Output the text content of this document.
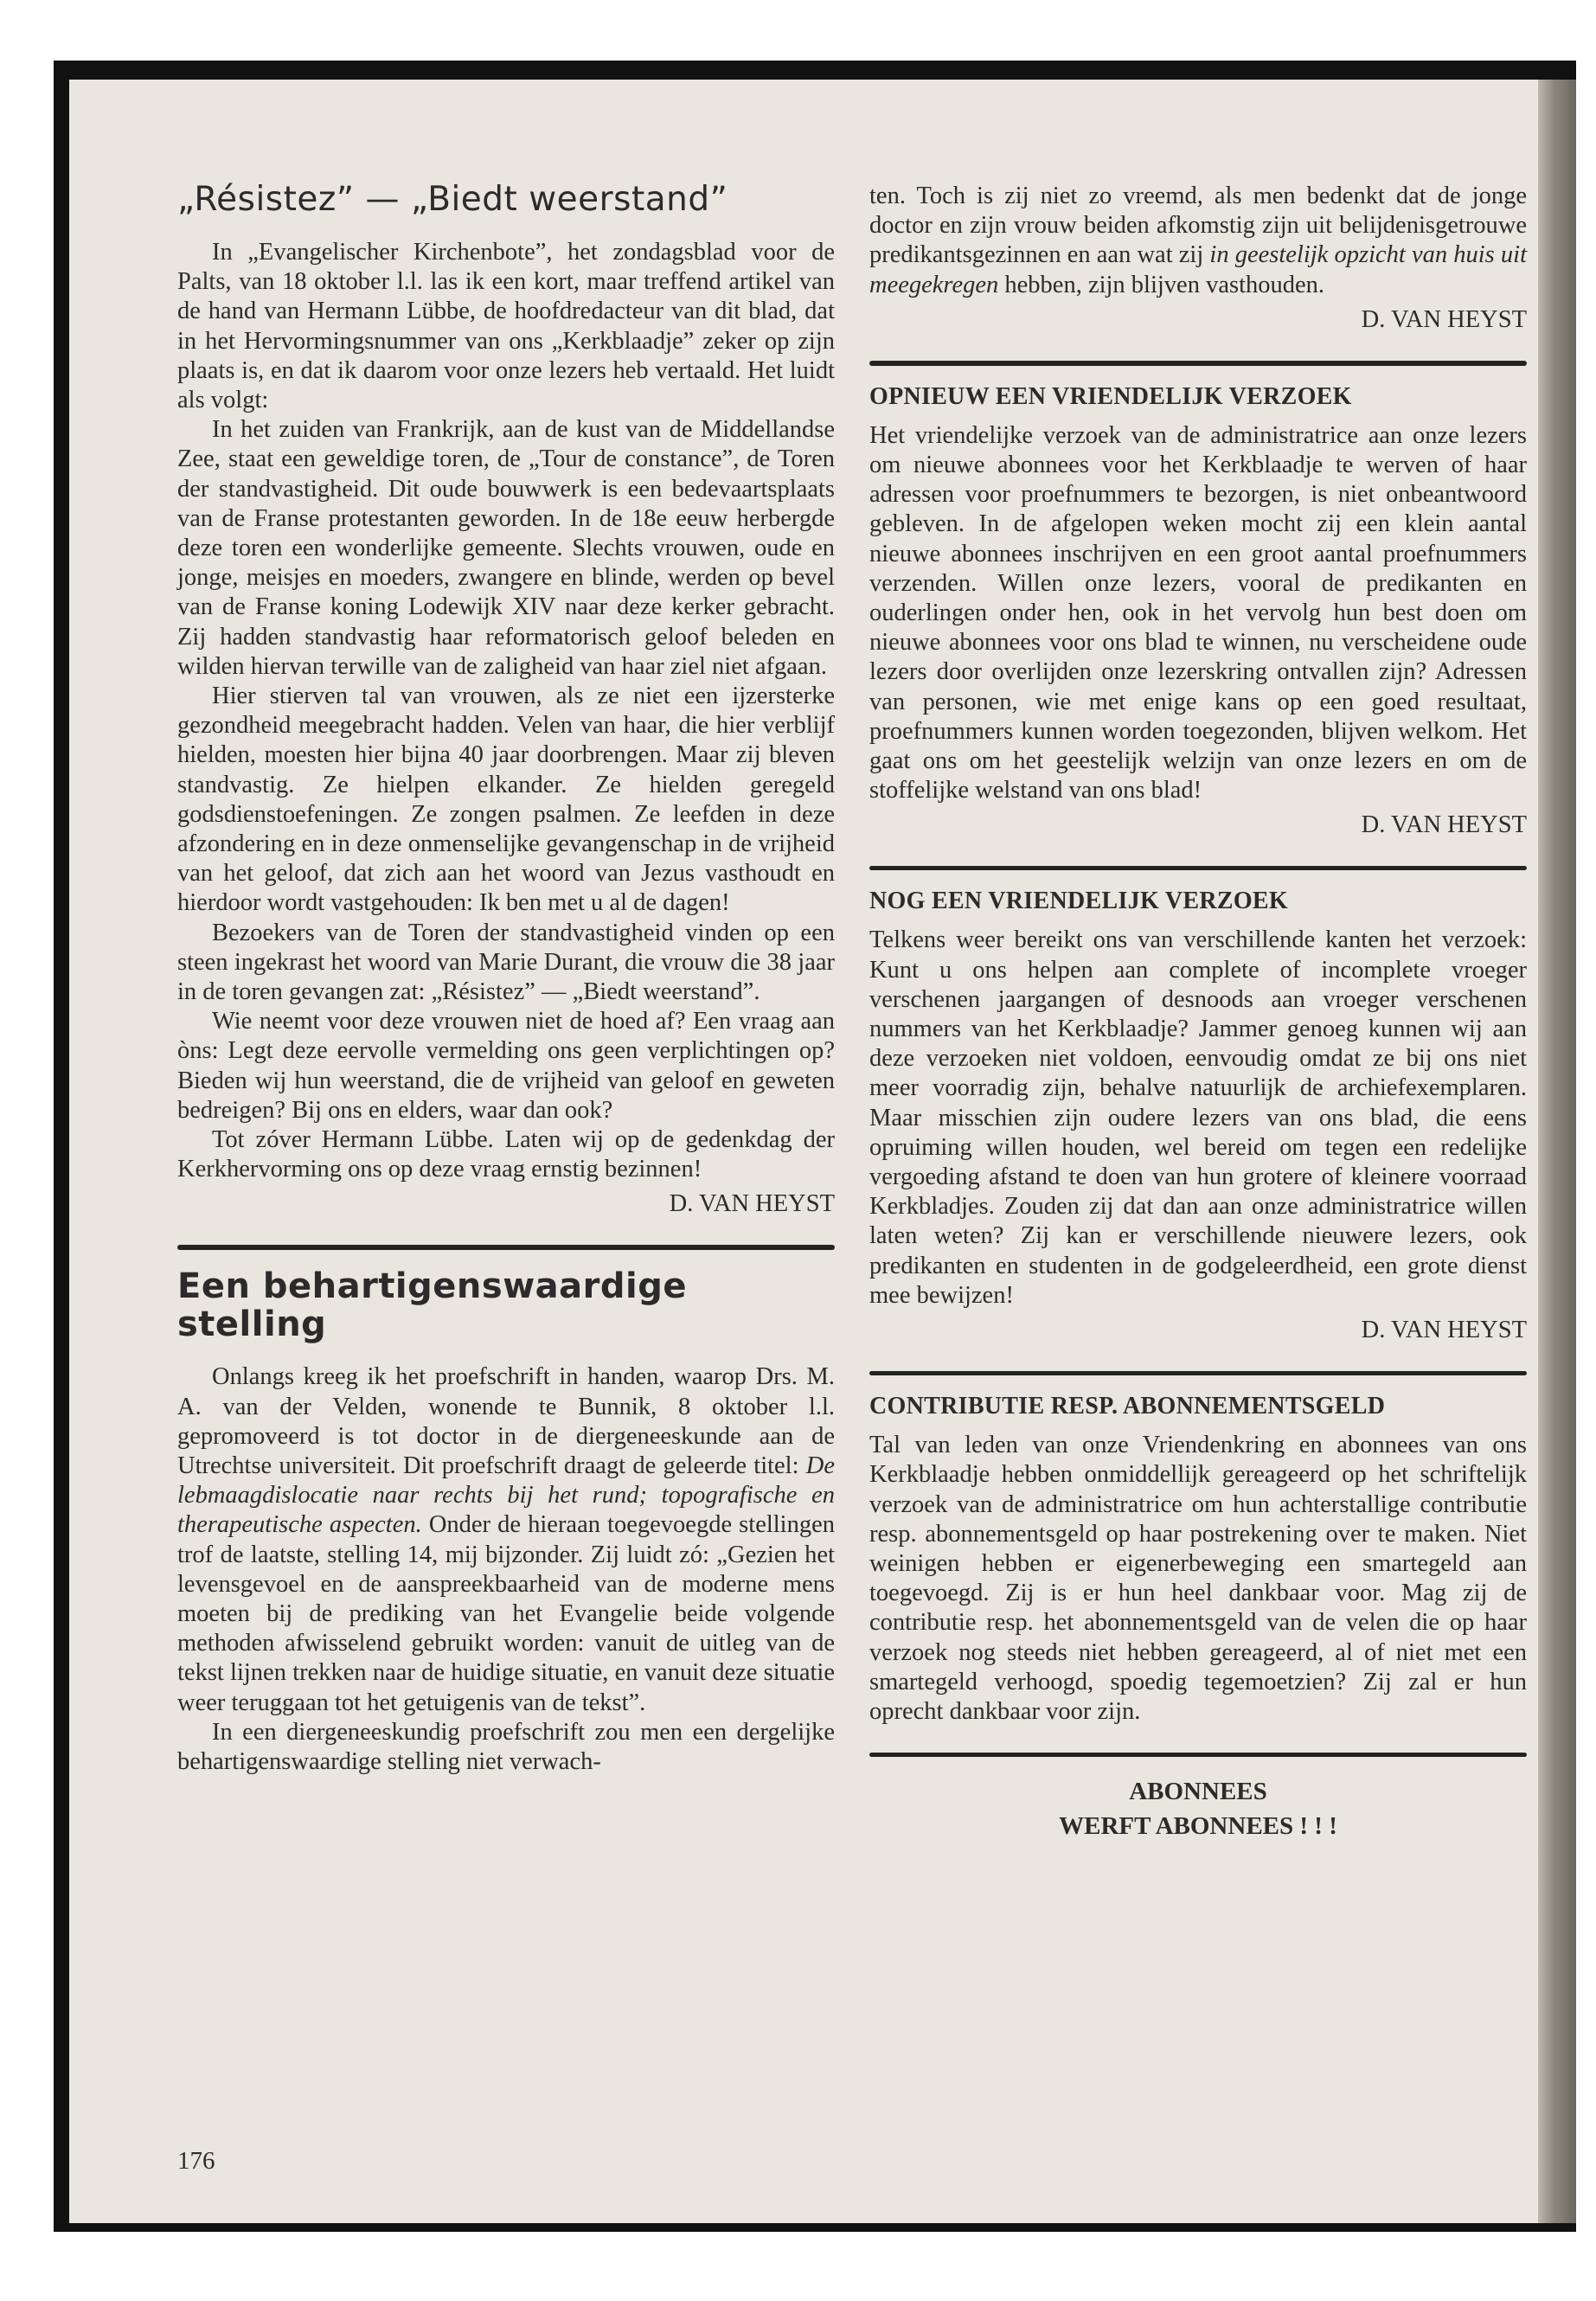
„Résistez” — „Biedt weerstand”

In „Evangelischer Kirchenbote”, het zondagsblad voor de Palts, van 18 oktober l.l. las ik een kort, maar treffend artikel van de hand van Hermann Lübbe, de hoofdredacteur van dit blad, dat in het Hervormingsnummer van ons „Kerkblaadje” zeker op zijn plaats is, en dat ik daarom voor onze lezers heb vertaald. Het luidt als volgt:

In het zuiden van Frankrijk, aan de kust van de Middellandse Zee, staat een geweldige toren, de „Tour de constance”, de Toren der standvastigheid. Dit oude bouwwerk is een bedevaartsplaats van de Franse protestanten geworden. In de 18e eeuw herbergde deze toren een wonderlijke gemeente. Slechts vrouwen, oude en jonge, meisjes en moeders, zwangere en blinde, werden op bevel van de Franse koning Lodewijk XIV naar deze kerker gebracht. Zij hadden standvastig haar reformatorisch geloof beleden en wilden hiervan terwille van de zaligheid van haar ziel niet afgaan.

Hier stierven tal van vrouwen, als ze niet een ijzersterke gezondheid meegebracht hadden. Velen van haar, die hier verblijf hielden, moesten hier bijna 40 jaar doorbrengen. Maar zij bleven standvastig. Ze hielpen elkander. Ze hielden geregeld godsdienstoefeningen. Ze zongen psalmen. Ze leefden in deze afzondering en in deze onmenselijke gevangenschap in de vrijheid van het geloof, dat zich aan het woord van Jezus vasthoudt en hierdoor wordt vastgehouden: Ik ben met u al de dagen!

Bezoekers van de Toren der standvastigheid vinden op een steen ingekrast het woord van Marie Durant, die vrouw die 38 jaar in de toren gevangen zat: „Résistez” — „Biedt weerstand”.

Wie neemt voor deze vrouwen niet de hoed af? Een vraag aan òns: Legt deze eervolle vermelding ons geen verplichtingen op? Bieden wij hun weerstand, die de vrijheid van geloof en geweten bedreigen? Bij ons en elders, waar dan ook?

Tot zóver Hermann Lübbe. Laten wij op de gedenkdag der Kerkhervorming ons op deze vraag ernstig bezinnen!

D. VAN HEYST
Een behartigenswaardige stelling

Onlangs kreeg ik het proefschrift in handen, waarop Drs. M. A. van der Velden, wonende te Bunnik, 8 oktober l.l. gepromoveerd is tot doctor in de diergeneeskunde aan de Utrechtse universiteit. Dit proefschrift draagt de geleerde titel: De lebmaagdislocatie naar rechts bij het rund; topografische en therapeutische aspecten. Onder de hieraan toegevoegde stellingen trof de laatste, stelling 14, mij bijzonder. Zij luidt zó: „Gezien het levensgevoel en de aanspreekbaarheid van de moderne mens moeten bij de prediking van het Evangelie beide volgende methoden afwisselend gebruikt worden: vanuit de uitleg van de tekst lijnen trekken naar de huidige situatie, en vanuit deze situatie weer teruggaan tot het getuigenis van de tekst”.

In een diergeneeskundig proefschrift zou men een dergelijke behartigenswaardige stelling niet verwach-

176

ten. Toch is zij niet zo vreemd, als men bedenkt dat de jonge doctor en zijn vrouw beiden afkomstig zijn uit belijdenisgetrouwe predikantsgezinnen en aan wat zij in geestelijk opzicht van huis uit meegekregen hebben, zijn blijven vasthouden.

D. VAN HEYST
OPNIEUW EEN VRIENDELIJK VERZOEK

Het vriendelijke verzoek van de administratrice aan onze lezers om nieuwe abonnees voor het Kerkblaadje te werven of haar adressen voor proefnummers te bezorgen, is niet onbeantwoord gebleven. In de afgelopen weken mocht zij een klein aantal nieuwe abonnees inschrijven en een groot aantal proefnummers verzenden. Willen onze lezers, vooral de predikanten en ouderlingen onder hen, ook in het vervolg hun best doen om nieuwe abonnees voor ons blad te winnen, nu verscheidene oude lezers door overlijden onze lezerskring ontvallen zijn? Adressen van personen, wie met enige kans op een goed resultaat, proefnummers kunnen worden toegezonden, blijven welkom. Het gaat ons om het geestelijk welzijn van onze lezers en om de stoffelijke welstand van ons blad!

D. VAN HEYST
NOG EEN VRIENDELIJK VERZOEK

Telkens weer bereikt ons van verschillende kanten het verzoek: Kunt u ons helpen aan complete of incomplete vroeger verschenen jaargangen of desnoods aan vroeger verschenen nummers van het Kerkblaadje? Jammer genoeg kunnen wij aan deze verzoeken niet voldoen, eenvoudig omdat ze bij ons niet meer voorradig zijn, behalve natuurlijk de archiefexemplaren. Maar misschien zijn oudere lezers van ons blad, die eens opruiming willen houden, wel bereid om tegen een redelijke vergoeding afstand te doen van hun grotere of kleinere voorraad Kerkbladjes. Zouden zij dat dan aan onze administratrice willen laten weten? Zij kan er verschillende nieuwere lezers, ook predikanten en studenten in de godgeleerdheid, een grote dienst mee bewijzen!

D. VAN HEYST
CONTRIBUTIE RESP. ABONNEMENTSGELD

Tal van leden van onze Vriendenkring en abonnees van ons Kerkblaadje hebben onmiddellijk gereageerd op het schriftelijk verzoek van de administratrice om hun achterstallige contributie resp. abonnementsgeld op haar postrekening over te maken. Niet weinigen hebben er eigenerbeweging een smartegeld aan toegevoegd. Zij is er hun heel dankbaar voor. Mag zij de contributie resp. het abonnementsgeld van de velen die op haar verzoek nog steeds niet hebben gereageerd, al of niet met een smartegeld verhoogd, spoedig tegemoetzien? Zij zal er hun oprecht dankbaar voor zijn.

ABONNEES
WERFT ABONNEES ! ! !
